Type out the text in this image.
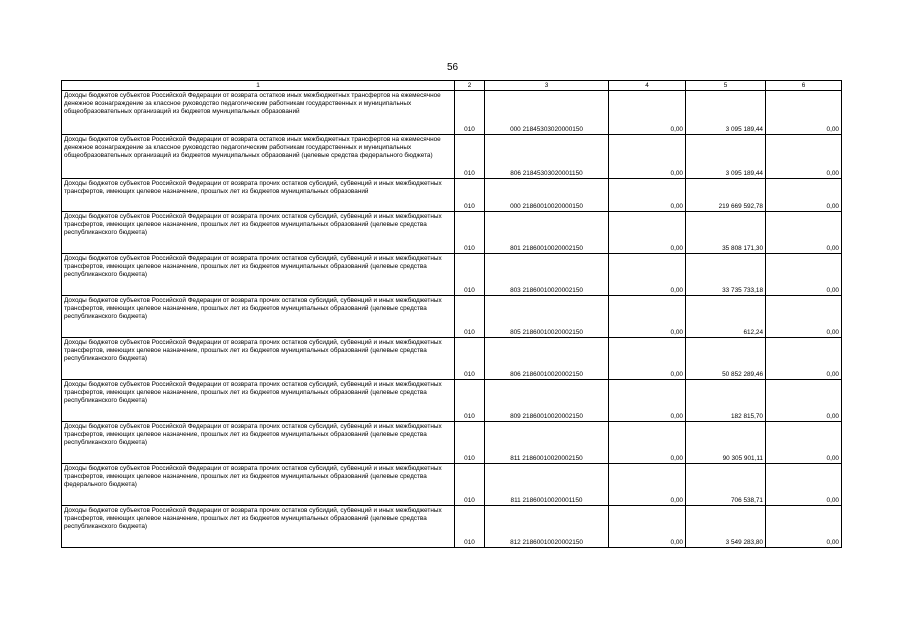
56
1	2	3	4	5	6

Доходы бюджетов субъектов Российской Федерации от возврата остатков иных межбюджетных трансфертов на ежемесячное денежное вознаграждение за классное руководство педагогическим работникам государственных и муниципальных общеобразовательных организаций из бюджетов муниципальных образований	010	000 21845303020000150	0,00	3 095 189,44	0,00

Доходы бюджетов субъектов Российской Федерации от возврата остатков иных межбюджетных трансфертов на ежемесячное денежное вознаграждение за классное руководство педагогическим работникам государственных и муниципальных общеобразовательных организаций из бюджетов муниципальных образований (целевые средства федерального бюджета)	010	806 21845303020001150	0,00	3 095 189,44	0,00

Доходы бюджетов субъектов Российской Федерации от возврата прочих остатков субсидий, субвенций и иных межбюджетных трансфертов, имеющих целевое назначение, прошлых лет из бюджетов муниципальных образований	010	000 21860010020000150	0,00	219 669 592,78	0,00

Доходы бюджетов субъектов Российской Федерации от возврата прочих остатков субсидий, субвенций и иных межбюджетных трансфертов, имеющих целевое назначение, прошлых лет из бюджетов муниципальных образований (целевые средства республиканского бюджета)	010	801 21860010020002150	0,00	35 808 171,30	0,00

Доходы бюджетов субъектов Российской Федерации от возврата прочих остатков субсидий, субвенций и иных межбюджетных трансфертов, имеющих целевое назначение, прошлых лет из бюджетов муниципальных образований (целевые средства республиканского бюджета)	010	803 21860010020002150	0,00	33 735 733,18	0,00

Доходы бюджетов субъектов Российской Федерации от возврата прочих остатков субсидий, субвенций и иных межбюджетных трансфертов, имеющих целевое назначение, прошлых лет из бюджетов муниципальных образований (целевые средства республиканского бюджета)	010	805 21860010020002150	0,00	612,24	0,00

Доходы бюджетов субъектов Российской Федерации от возврата прочих остатков субсидий, субвенций и иных межбюджетных трансфертов, имеющих целевое назначение, прошлых лет из бюджетов муниципальных образований (целевые средства республиканского бюджета)	010	806 21860010020002150	0,00	50 852 289,46	0,00

Доходы бюджетов субъектов Российской Федерации от возврата прочих остатков субсидий, субвенций и иных межбюджетных трансфертов, имеющих целевое назначение, прошлых лет из бюджетов муниципальных образований (целевые средства республиканского бюджета)	010	809 21860010020002150	0,00	182 815,70	0,00

Доходы бюджетов субъектов Российской Федерации от возврата прочих остатков субсидий, субвенций и иных межбюджетных трансфертов, имеющих целевое назначение, прошлых лет из бюджетов муниципальных образований (целевые средства республиканского бюджета)	010	811 21860010020002150	0,00	90 305 901,11	0,00

Доходы бюджетов субъектов Российской Федерации от возврата прочих остатков субсидий, субвенций и иных межбюджетных трансфертов, имеющих целевое назначение, прошлых лет из бюджетов муниципальных образований (целевые средства федерального бюджета)	010	811 21860010020001150	0,00	706 538,71	0,00

Доходы бюджетов субъектов Российской Федерации от возврата прочих остатков субсидий, субвенций и иных межбюджетных трансфертов, имеющих целевое назначение, прошлых лет из бюджетов муниципальных образований (целевые средства республиканского бюджета)	010	812 21860010020002150	0,00	3 549 283,80	0,00
